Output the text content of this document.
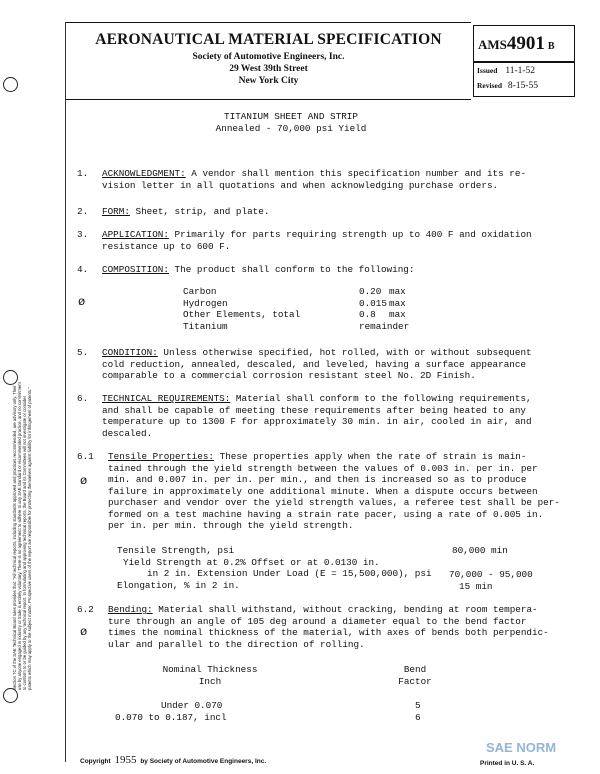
Section 7C of the SAE Technical Board rules provides that: "All technical reports, including standards approved and practices recommended, are advisory only. Their use by anyone engaged in industry or trade is entirely voluntary. There is no agreement to adhere to any SAE standard or recommended practice, and no commitment to conform to or be guided by any technical report. In formulating and approving technical reports, the Board and its Committees will not investigate or consider patents which may apply to the subject matter. Prospective users of the report are responsible for protecting themselves against liability for infringement of patents."
AERONAUTICAL MATERIAL SPECIFICATION
Society of Automotive Engineers, Inc.
29 West 39th Street
New York City
AMS4901 B
Issued 11-1-52
Revised 8-15-55
TITANIUM SHEET AND STRIP
Annealed - 70,000 psi Yield
1. ACKNOWLEDGMENT: A vendor shall mention this specification number and its re-
vision letter in all quotations and when acknowledging purchase orders.
2. FORM: Sheet, strip, and plate.
3. APPLICATION: Primarily for parts requiring strength up to 400 F and oxidation
resistance up to 600 F.
4. COMPOSITION: The product shall conform to the following:
ø
Carbon	0.20 max
Hydrogen	0.015 max
Other Elements, total	0.8 max
Titanium	remainder
5. CONDITION: Unless otherwise specified, hot rolled, with or without subsequent
cold reduction, annealed, descaled, and leveled, having a surface appearance
comparable to a commercial corrosion resistant steel No. 2D Finish.
6. TECHNICAL REQUIREMENTS: Material shall conform to the following requirements,
and shall be capable of meeting these requirements after being heated to any
temperature up to 1300 F for approximately 30 min. in air, cooled in air, and
descaled.
6.1
ø
Tensile Properties: These properties apply when the rate of strain is main-
tained through the yield strength between the values of 0.003 in. per in. per
min. and 0.007 in. per in. per min., and then is increased so as to produce
failure in approximately one additional minute. When a dispute occurs between
purchaser and vendor over the yield strength values, a referee test shall be per-
formed on a test machine having a strain rate pacer, using a rate of 0.005 in.
per in. per min. through the yield strength.
Tensile Strength, psi	80,000 min
Yield Strength at 0.2% Offset or at 0.0130 in.
in 2 in. Extension Under Load (E = 15,500,000), psi 70,000 - 95,000
Elongation, % in 2 in.	15 min
6.2
ø
Bending: Material shall withstand, without cracking, bending at room tempera-
ture through an angle of 105 deg around a diameter equal to the bend factor
times the nominal thickness of the material, with axes of bends both perpendic-
ular and parallel to the direction of rolling.
Nominal Thickness
Inch
Bend
Factor
Under 0.070	5
0.070 to 0.187, incl	6
Copyright 1955 by Society of Automotive Engineers, Inc.	Printed in U. S. A.
SAE NORM
